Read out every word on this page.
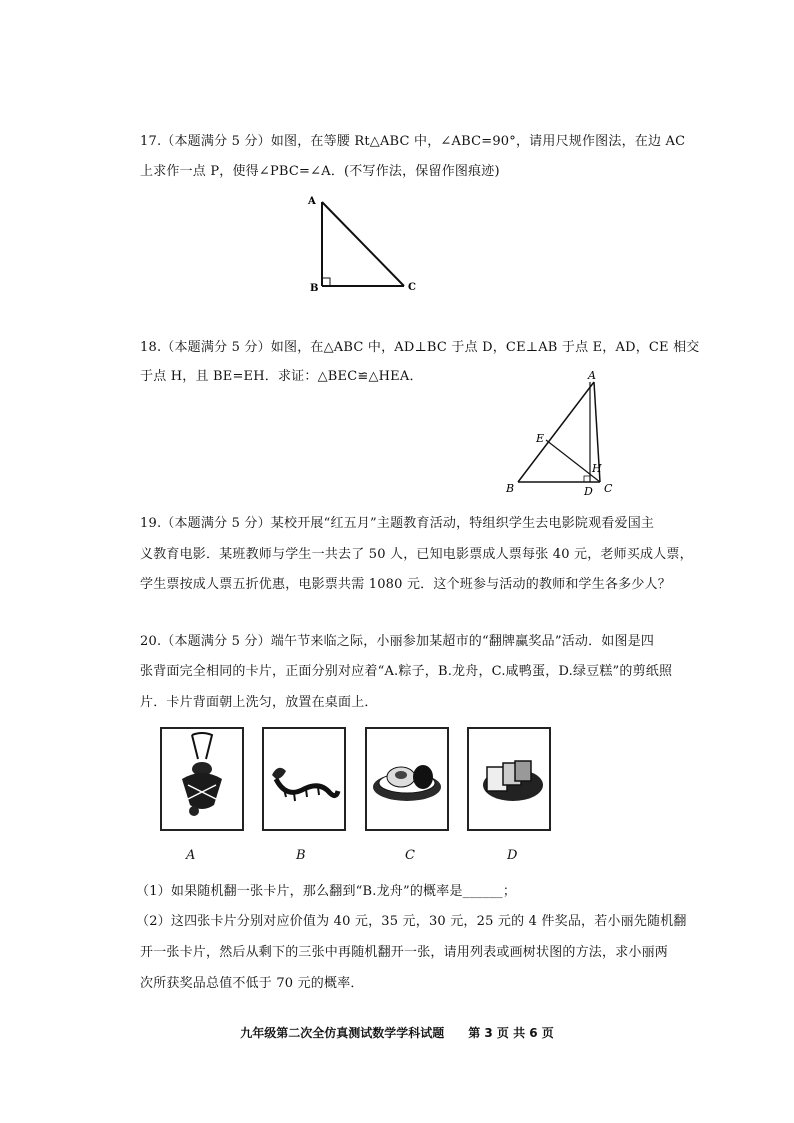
17.（本题满分 5 分）如图，在等腰 Rt△ABC 中，∠ABC=90°，请用尺规作图法，在边 AC
上求作一点 P，使得∠PBC=∠A．(不写作法，保留作图痕迹)
A
B	C
18.（本题满分 5 分）如图，在△ABC 中，AD⊥BC 于点 D，CE⊥AB 于点 E，AD，CE 相交
于点 H，且 BE=EH．求证：△BEC≌△HEA．	A
E
H
B	D C
19.（本题满分 5 分）某校开展“红五月”主题教育活动，特组织学生去电影院观看爱国主
义教育电影．某班教师与学生一共去了 50 人，已知电影票成人票每张 40 元，老师买成人票，
学生票按成人票五折优惠，电影票共需 1080 元．这个班参与活动的教师和学生各多少人？
20.（本题满分 5 分）端午节来临之际，小丽参加某超市的“翻牌赢奖品”活动．如图是四
张背面完全相同的卡片，正面分别对应着“A.粽子，B.龙舟，C.咸鸭蛋，D.绿豆糕”的剪纸照
片．卡片背面朝上洗匀，放置在桌面上．
A	B	C	D
（1）如果随机翻一张卡片，那么翻到“B.龙舟”的概率是______；
（2）这四张卡片分别对应价值为 40 元，35 元，30 元，25 元的 4 件奖品，若小丽先随机翻
开一张卡片，然后从剩下的三张中再随机翻开一张，请用列表或画树状图的方法，求小丽两
次所获奖品总值不低于 70 元的概率．
九年级第二次全仿真测试数学学科试题　　第 3 页 共 6 页
